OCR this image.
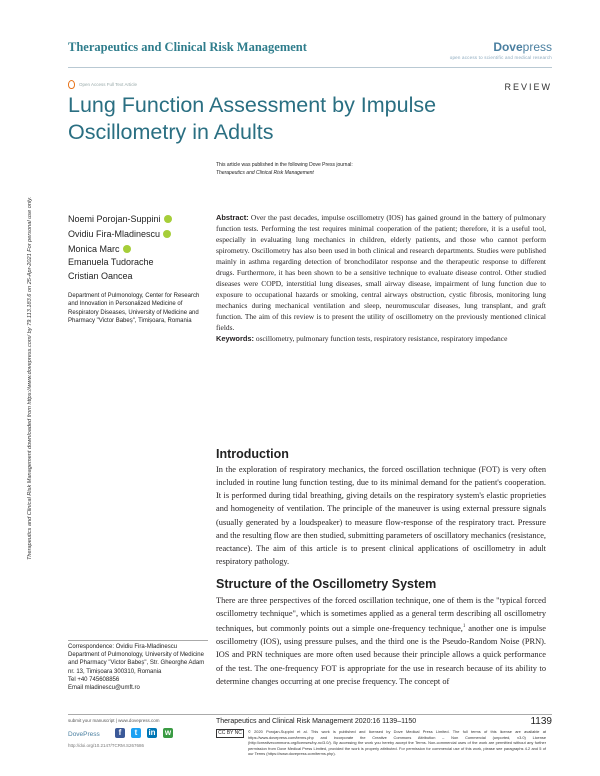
Therapeutics and Clinical Risk Management	Dovepress
open access to scientific and medical research
Open Access Full Text Article	REVIEW
Lung Function Assessment by Impulse Oscillometry in Adults
This article was published in the following Dove Press journal:
Therapeutics and Clinical Risk Management
Noemi Porojan-Suppini
Ovidiu Fira-Mladinescu
Monica Marc
Emanuela Tudorache
Cristian Oancea
Department of Pulmonology, Center for Research and Innovation in Personalized Medicine of Respiratory Diseases, University of Medicine and Pharmacy "Victor Babeș", Timișoara, Romania
Abstract: Over the past decades, impulse oscillometry (IOS) has gained ground in the battery of pulmonary function tests. Performing the test requires minimal cooperation of the patient; therefore, it is a useful tool, especially in evaluating lung mechanics in children, elderly patients, and those who cannot perform spirometry. Oscillometry has also been used in both clinical and research departments. Studies were published mainly in asthma regarding detection of bronchodilator response and the therapeutic response to different drugs. Furthermore, it has been shown to be a sensitive technique to evaluate disease control. Other studied diseases were COPD, interstitial lung diseases, small airway disease, impairment of lung function due to exposure to occupational hazards or smoking, central airways obstruction, cystic fibrosis, monitoring lung mechanics during mechanical ventilation and sleep, neuromuscular diseases, lung transplant, and graft function. The aim of this review is to present the utility of oscillometry on the previously mentioned clinical fields.
Keywords: oscillometry, pulmonary function tests, respiratory resistance, respiratory impedance
Introduction
In the exploration of respiratory mechanics, the forced oscillation technique (FOT) is very often included in routine lung function testing, due to its minimal demand for the patient's cooperation. It is performed during tidal breathing, giving details on the respiratory system's elastic proprieties and homogeneity of ventilation. The principle of the maneuver is using external pressure signals (usually generated by a loudspeaker) to measure flow-response of the respiratory tract. Pressure and the resulting flow are then studied, submitting parameters of oscillatory mechanics (resistance, reactance). The aim of this article is to present clinical applications of oscillometry in adult respiratory pathology.
Structure of the Oscillometry System
There are three perspectives of the forced oscillation technique, one of them is the "typical forced oscillometry technique", which is sometimes applied as a general term describing all oscillometry techniques, but commonly points out a simple one-frequency technique,$^1$ another one is impulse oscillometry (IOS), using pressure pulses, and the third one is the Pseudo-Random Noise (PRN). IOS and PRN techniques are more often used because their principle allows a quick performance of the test. The one-frequency FOT is appropriate for the use in research because of its ability to determine changes occurring at one precise frequency. The concept of
Correspondence: Ovidiu Fira-Mladinescu
Department of Pulmonology, University of Medicine and Pharmacy "Victor Babeș", Str. Gheorghe Adam nr. 13, Timișoara 300310, Romania
Tel +40 745608856
Email mladinescu@umft.ro
Therapeutics and Clinical Risk Management downloaded from https://www.dovepress.com/ by 79.113.183.6 on 25-Apr-2021 For personal use only.
submit your manuscript | www.dovepress.com
DovePress	f	t	in w
http://doi.org/10.2147/TCRM.S267686
Therapeutics and Clinical Risk Management 2020:16 1139–1150	1139
CC BY NC	© 2020 Porojan-Suppini et al. This work is published and licensed by Dove Medical Press Limited. The full terms of this license are available at https://www.dovepress.com/terms.php and incorporate the Creative Commons Attribution – Non Commercial (unported, v3.0) License (http://creativecommons.org/licenses/by-nc/3.0/). By accessing the work you hereby accept the Terms. Non-commercial uses of the work are permitted without any further permission from Dove Medical Press Limited, provided the work is properly attributed. For permission for commercial use of this work, please see paragraphs 4.2 and 5 of our Terms (https://www.dovepress.com/terms.php).
